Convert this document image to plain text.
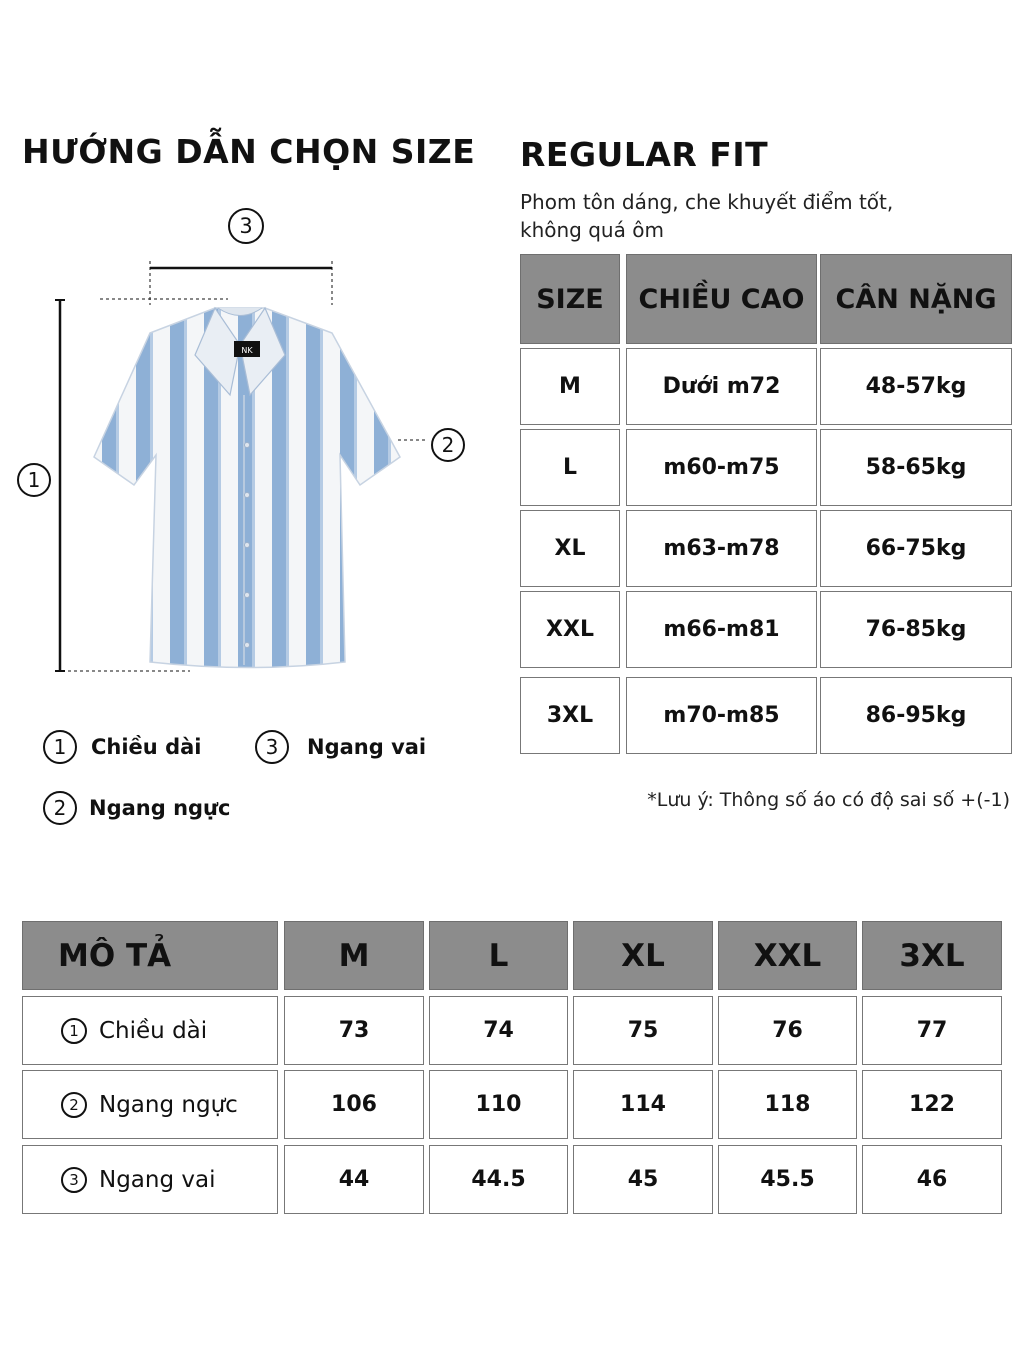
HƯỚNG DẪN CHỌN SIZE
NK
3
1
2
1	Chiều dài	3	Ngang vai
2	Ngang ngực
REGULAR FIT
Phom tôn dáng, che khuyết điểm tốt,
không quá ôm
SIZE	CHIỀU CAO	CÂN NẶNG
M	Dưới m72	48-57kg
L	m60-m75	58-65kg
XL	m63-m78	66-75kg
XXL	m66-m81	76-85kg
3XL	m70-m85	86-95kg
*Lưu ý: Thông số áo có độ sai số +(-1)
MÔ TẢ	M	L	XL	XXL	3XL
1 Chiều dài	73	74	75	76	77
2 Ngang ngực	106	110	114	118	122
3 Ngang vai	44	44.5	45	45.5	46
